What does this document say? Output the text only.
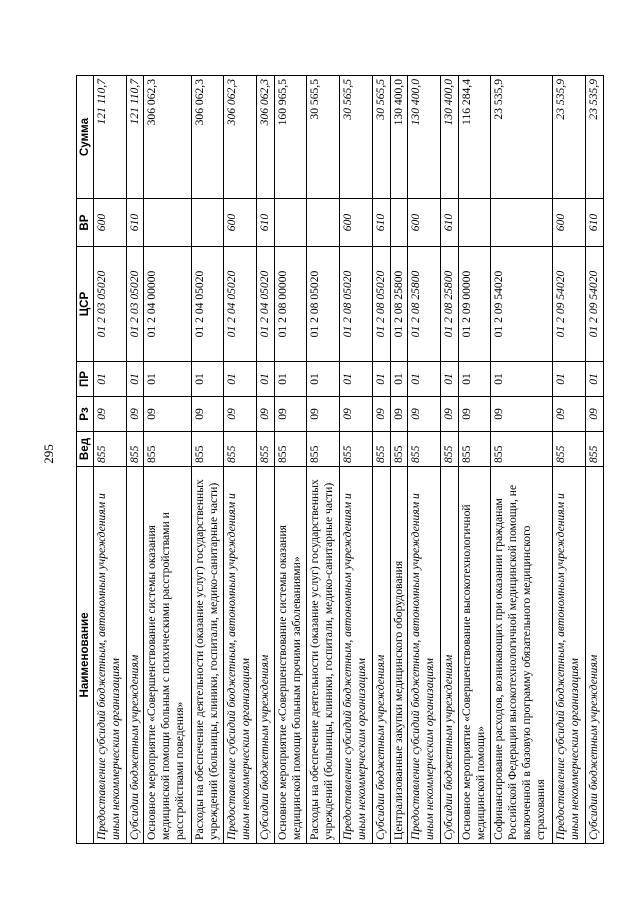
295
Наименование	Вед	Рз	ПР	ЦСР	ВР	Сумма
Предоставление субсидий бюджетным, автономным учреждениям и иным некоммерческим организациям	855	09	01	01 2 03 05020	600	121 110,7
Субсидии бюджетным учреждениям	855	09	01	01 2 03 05020	610	121 110,7
Основное мероприятие «Совершенствование системы оказания медицинской помощи больным с психическими расстройствами и расстройствами поведения»	855	09	01	01 2 04 00000		306 062,3
Расходы на обеспечение деятельности (оказание услуг) государственных учреждений (больницы, клиники, госпитали, медико-санитарные части)	855	09	01	01 2 04 05020		306 062,3
Предоставление субсидий бюджетным, автономным учреждениям и иным некоммерческим организациям	855	09	01	01 2 04 05020	600	306 062,3
Субсидии бюджетным учреждениям	855	09	01	01 2 04 05020	610	306 062,3
Основное мероприятие «Совершенствование системы оказания медицинской помощи больным прочими заболеваниями»	855	09	01	01 2 08 00000		160 965,5
Расходы на обеспечение деятельности (оказание услуг) государственных учреждений (больницы, клиники, госпитали, медико-санитарные части)	855	09	01	01 2 08 05020		30 565,5
Предоставление субсидий бюджетным, автономным учреждениям и иным некоммерческим организациям	855	09	01	01 2 08 05020	600	30 565,5
Субсидии бюджетным учреждениям	855	09	01	01 2 08 05020	610	30 565,5
Централизованные закупки медицинского оборудования	855	09	01	01 2 08 25800		130 400,0
Предоставление субсидий бюджетным, автономным учреждениям и иным некоммерческим организациям	855	09	01	01 2 08 25800	600	130 400,0
Субсидии бюджетным учреждениям	855	09	01	01 2 08 25800	610	130 400,0
Основное мероприятие «Совершенствование высокотехнологичной медицинской помощи»	855	09	01	01 2 09 00000		116 284,4
Софинансирование расходов, возникающих при оказании гражданам Российской Федерации высокотехнологичной медицинской помощи, не включенной в базовую программу обязательного медицинского страхования	855	09	01	01 2 09 54020		23 535,9
Предоставление субсидий бюджетным, автономным учреждениям и иным некоммерческим организациям	855	09	01	01 2 09 54020	600	23 535,9
Субсидии бюджетным учреждениям	855	09	01	01 2 09 54020	610	23 535,9
